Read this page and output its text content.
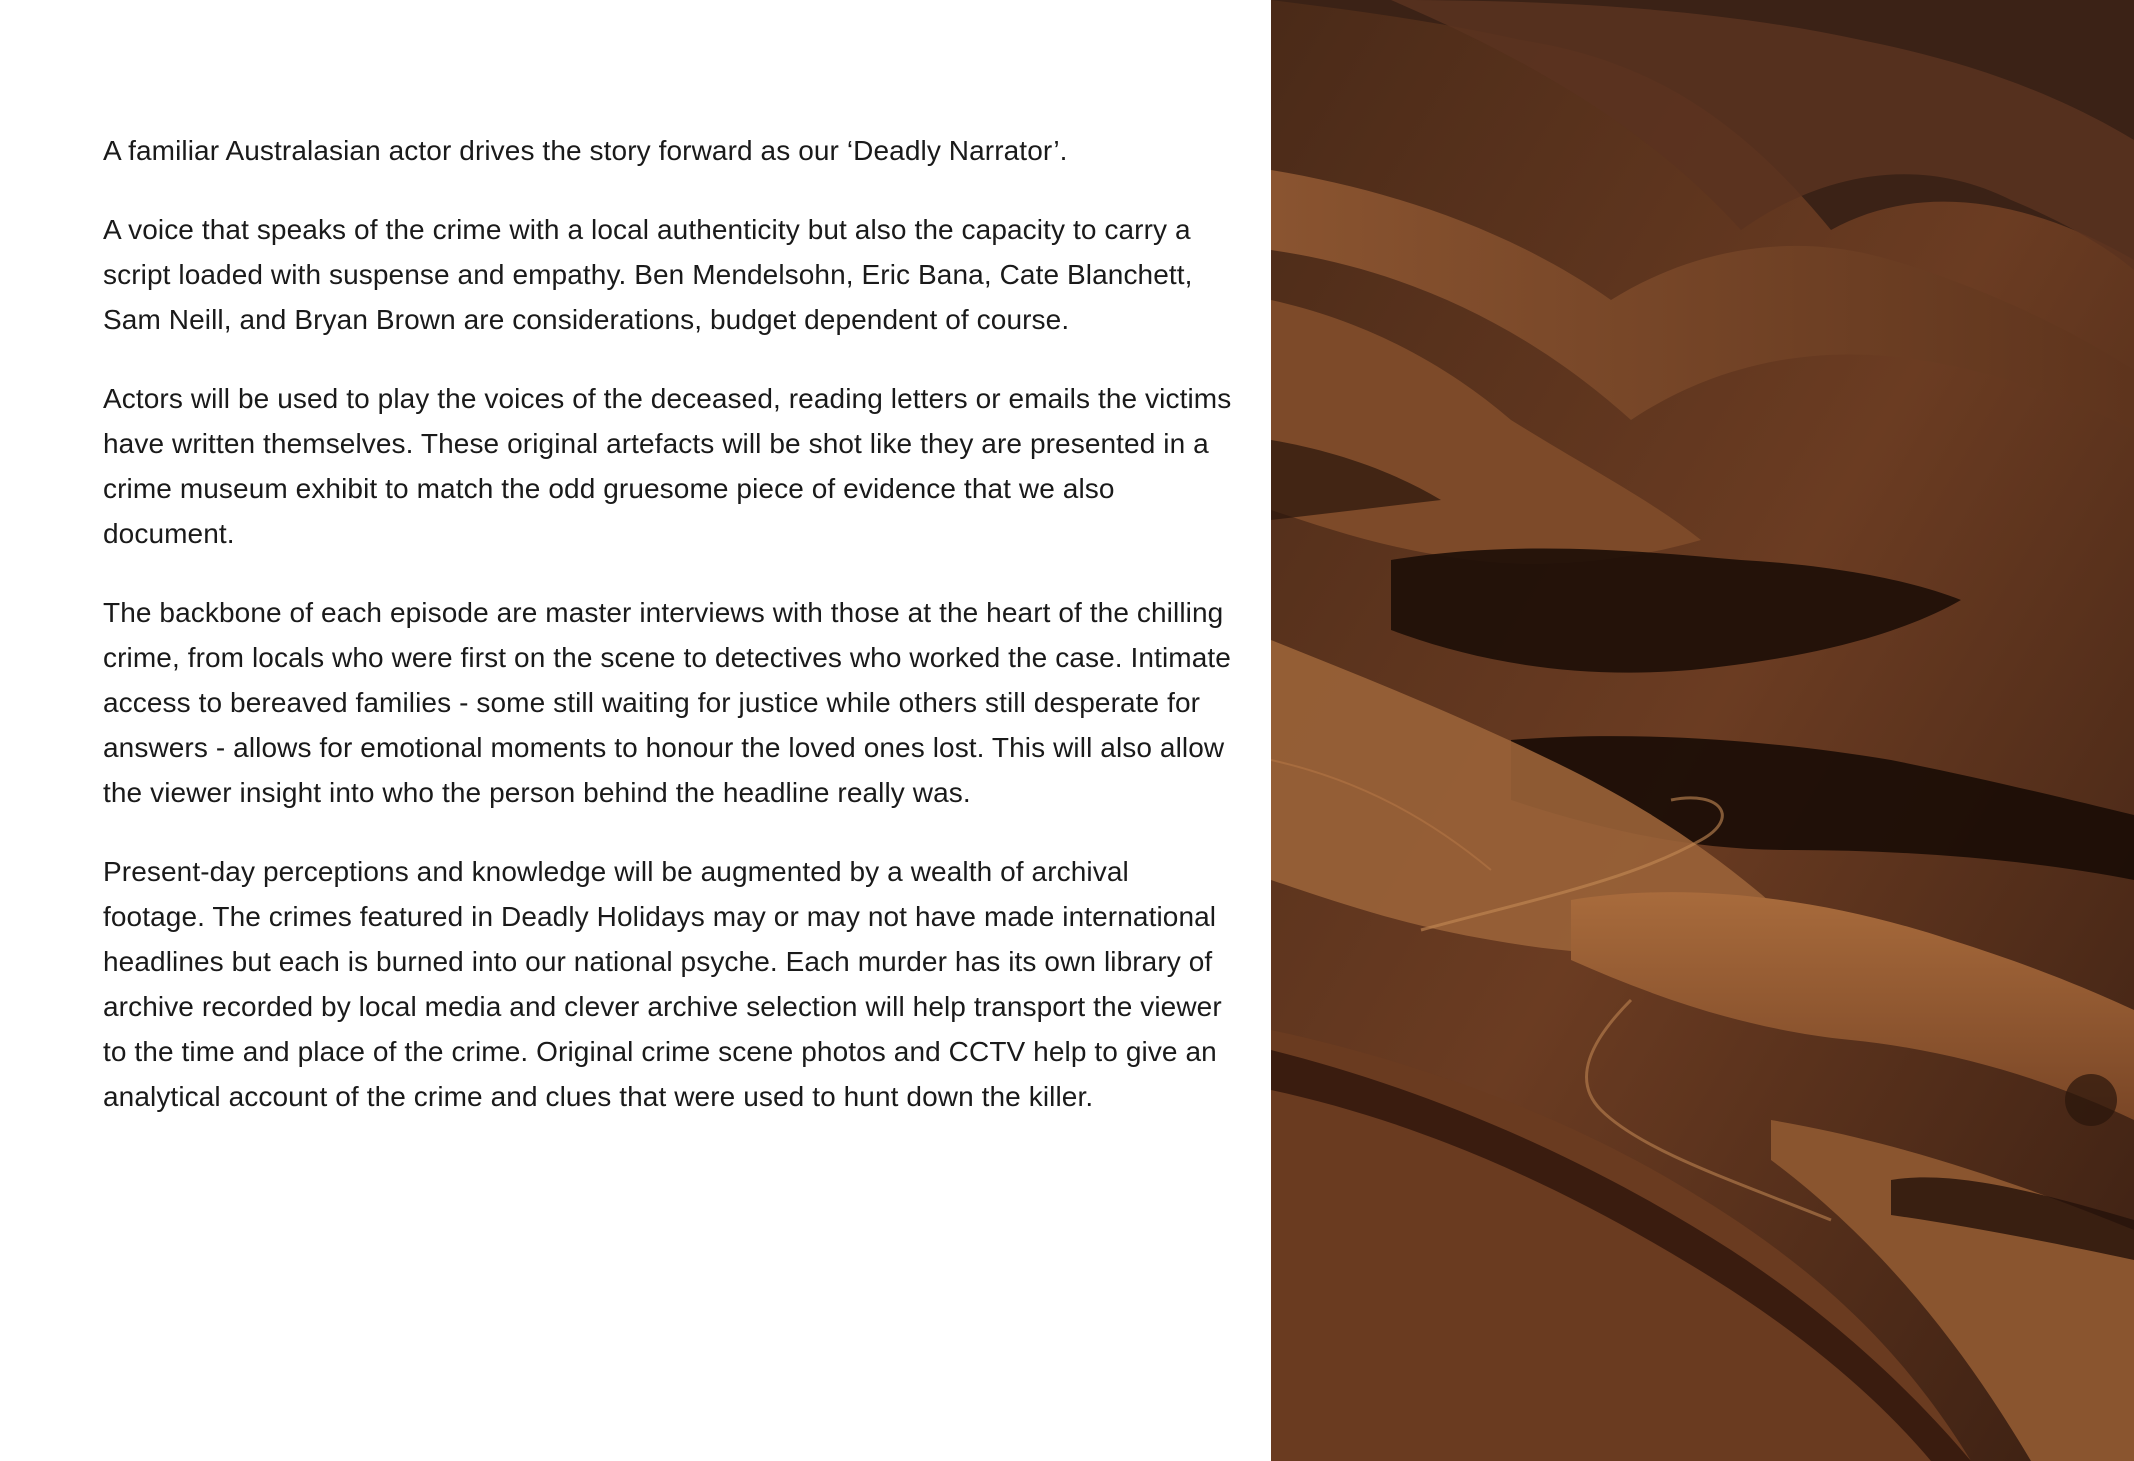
A familiar Australasian actor drives the story forward as our ‘Deadly Narrator’.

A voice that speaks of the crime with a local authenticity but also the capacity to carry a script loaded with suspense and empathy. Ben Mendelsohn, Eric Bana, Cate Blanchett, Sam Neill, and Bryan Brown are considerations, budget dependent of course.

Actors will be used to play the voices of the deceased, reading letters or emails the victims have written themselves. These original artefacts will be shot like they are presented in a crime museum exhibit to match the odd gruesome piece of evidence that we also document.

The backbone of each episode are master interviews with those at the heart of the chilling crime, from locals who were first on the scene to detectives who worked the case. Intimate access to bereaved families - some still waiting for justice while others still desperate for answers - allows for emotional moments to honour the loved ones lost. This will also allow the viewer insight into who the person behind the headline really was.

Present-day perceptions and knowledge will be augmented by a wealth of archival footage. The crimes featured in Deadly Holidays may or may not have made international headlines but each is burned into our national psyche. Each murder has its own library of archive recorded by local media and clever archive selection will help transport the viewer to the time and place of the crime. Original crime scene photos and CCTV help to give an analytical account of the crime and clues that were used to hunt down the killer.
